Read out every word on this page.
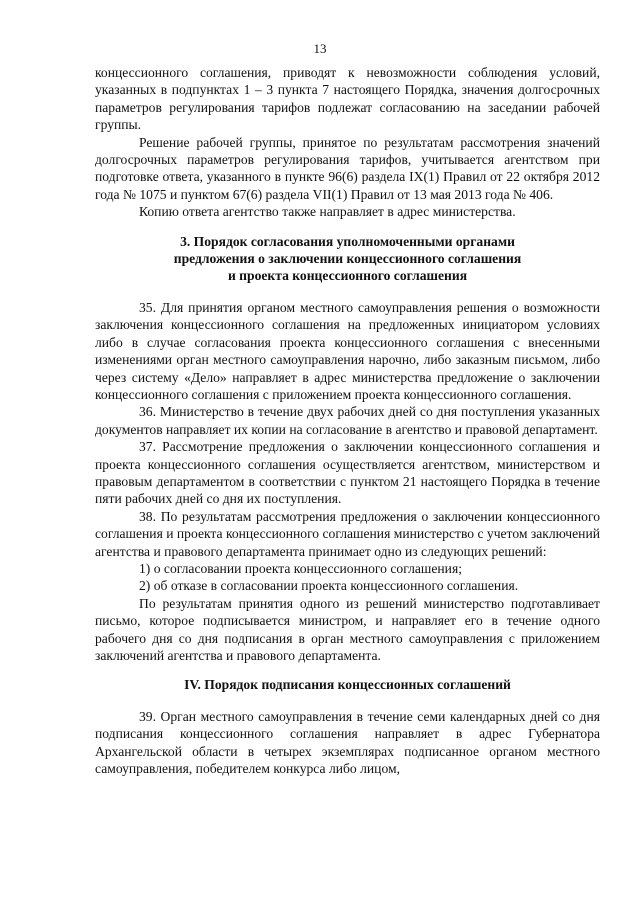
13

концессионного соглашения, приводят к невозможности соблюдения условий, указанных в подпунктах 1 – 3 пункта 7 настоящего Порядка, значения долгосрочных параметров регулирования тарифов подлежат согласованию на заседании рабочей группы.

Решение рабочей группы, принятое по результатам рассмотрения значений долгосрочных параметров регулирования тарифов, учитывается агентством при подготовке ответа, указанного в пункте 96(6) раздела IX(1) Правил от 22 октября 2012 года № 1075 и пунктом 67(6) раздела VII(1) Правил от 13 мая 2013 года № 406.

Копию ответа агентство также направляет в адрес министерства.

3. Порядок согласования уполномоченными органами
предложения о заключении концессионного соглашения
и проекта концессионного соглашения

35. Для принятия органом местного самоуправления решения о возможности заключения концессионного соглашения на предложенных инициатором условиях либо в случае согласования проекта концессионного соглашения с внесенными изменениями орган местного самоуправления нарочно, либо заказным письмом, либо через систему «Дело» направляет в адрес министерства предложение о заключении концессионного соглашения с приложением проекта концессионного соглашения.

36. Министерство в течение двух рабочих дней со дня поступления указанных документов направляет их копии на согласование в агентство и правовой департамент.

37. Рассмотрение предложения о заключении концессионного соглашения и проекта концессионного соглашения осуществляется агентством, министерством и правовым департаментом в соответствии с пунктом 21 настоящего Порядка в течение пяти рабочих дней со дня их поступления.

38. По результатам рассмотрения предложения о заключении концессионного соглашения и проекта концессионного соглашения министерство с учетом заключений агентства и правового департамента принимает одно из следующих решений:

1) о согласовании проекта концессионного соглашения;

2) об отказе в согласовании проекта концессионного соглашения.

По результатам принятия одного из решений министерство подготавливает письмо, которое подписывается министром, и направляет его в течение одного рабочего дня со дня подписания в орган местного самоуправления с приложением заключений агентства и правового департамента.

IV. Порядок подписания концессионных соглашений

39. Орган местного самоуправления в течение семи календарных дней со дня подписания концессионного соглашения направляет в адрес Губернатора Архангельской области в четырех экземплярах подписанное органом местного самоуправления, победителем конкурса либо лицом,
